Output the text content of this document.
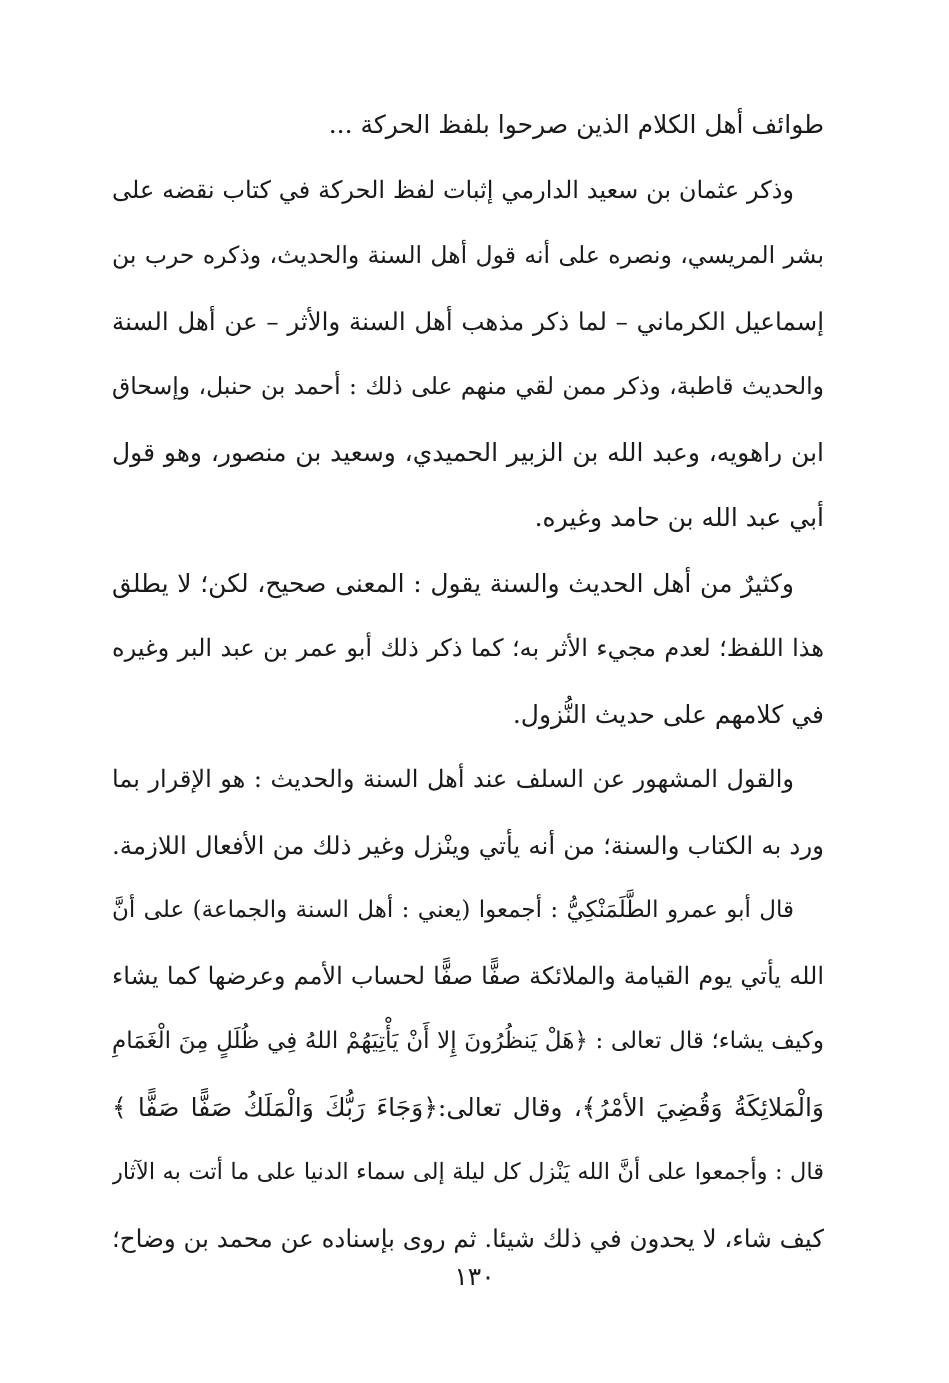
طوائف أهل الكلام الذين صرحوا بلفظ الحركة ...
وذكر عثمان بن سعيد الدارمي إثبات لفظ الحركة في كتاب نقضه على
بشر المريسي، ونصره على أنه قول أهل السنة والحديث، وذكره حرب بن
إسماعيل الكرماني – لما ذكر مذهب أهل السنة والأثر – عن أهل السنة
والحديث قاطبة، وذكر ممن لقي منهم على ذلك : أحمد بن حنبل، وإسحاق
ابن راهويه، وعبد الله بن الزبير الحميدي، وسعيد بن منصور، وهو قول
أبي عبد الله بن حامد وغيره.
وكثيرٌ من أهل الحديث والسنة يقول : المعنى صحيح، لكن؛ لا يطلق
هذا اللفظ؛ لعدم مجيء الأثر به؛ كما ذكر ذلك أبو عمر بن عبد البر وغيره
في كلامهم على حديث النُّزول.
والقول المشهور عن السلف عند أهل السنة والحديث : هو الإقرار بما
ورد به الكتاب والسنة؛ من أنه يأتي وينْزل وغير ذلك من الأفعال اللازمة.
قال أبو عمرو الطَّلَمَنْكِيُّ : أجمعوا (يعني : أهل السنة والجماعة) على أنَّ
الله يأتي يوم القيامة والملائكة صفًّا صفًّا لحساب الأمم وعرضها كما يشاء
وكيف يشاء؛ قال تعالى : ﴿هَلْ يَنظُرُونَ إِلا أَنْ يَأْتِيَهُمْ اللهُ فِي ظُلَلٍ مِنَ الْغَمَامِ
وَالْمَلائِكَةُ وَقُضِيَ الأمْرُ﴾، وقال تعالى:﴿وَجَاءَ رَبُّكَ وَالْمَلَكُ صَفًّا صَفًّا ﴾
قال : وأجمعوا على أنَّ الله يَنْزل كل ليلة إلى سماء الدنيا على ما أتت به الآثار
كيف شاء، لا يحدون في ذلك شيئا. ثم روى بإسناده عن محمد بن وضاح؛
١٣٠
